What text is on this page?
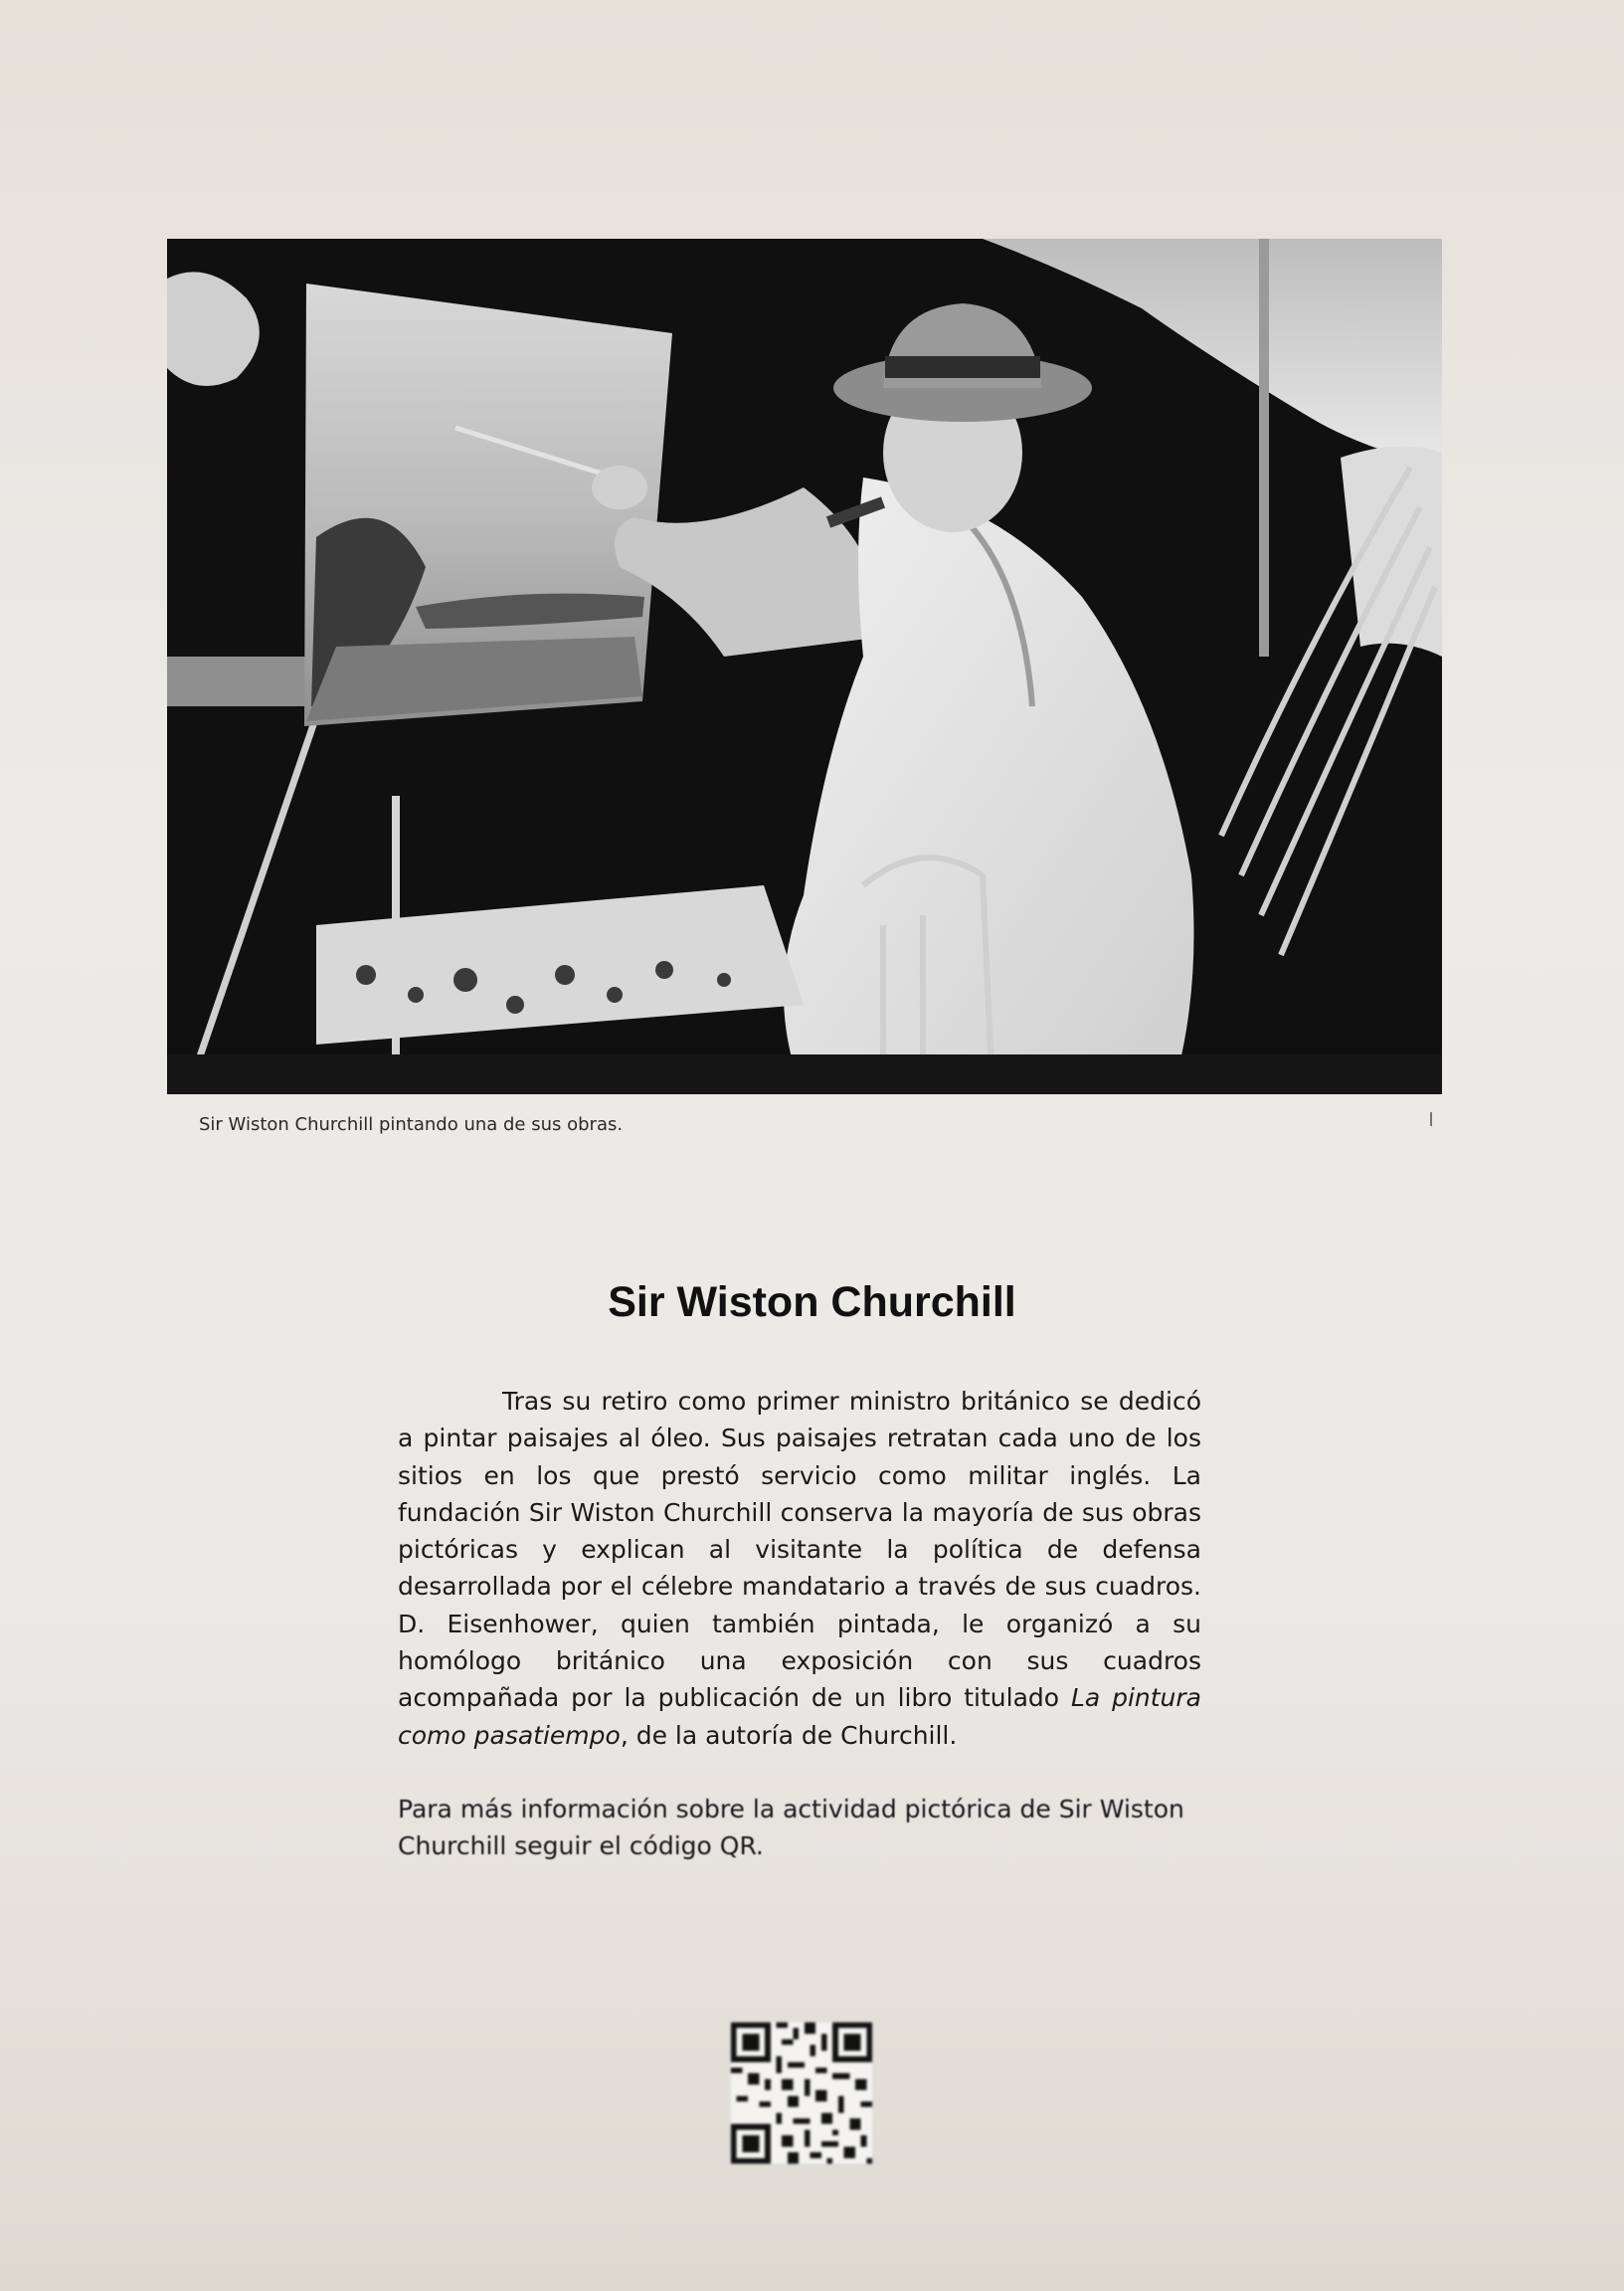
Sir Wiston Churchill pintando una de sus obras.
Sir Wiston Churchill

Tras su retiro como primer ministro británico se dedicó a pintar paisajes al óleo. Sus paisajes retratan cada uno de los sitios en los que prestó servicio como militar inglés. La fundación Sir Wiston Churchill conserva la mayoría de sus obras pictóricas y explican al visitante la política de defensa desarrollada por el célebre mandatario a través de sus cuadros. D. Eisenhower, quien también pintada, le organizó a su homólogo británico una exposición con sus cuadros acompañada por la publicación de un libro titulado La pintura como pasatiempo, de la autoría de Churchill.

Para más información sobre la actividad pictórica de Sir Wiston Churchill seguir el código QR.
